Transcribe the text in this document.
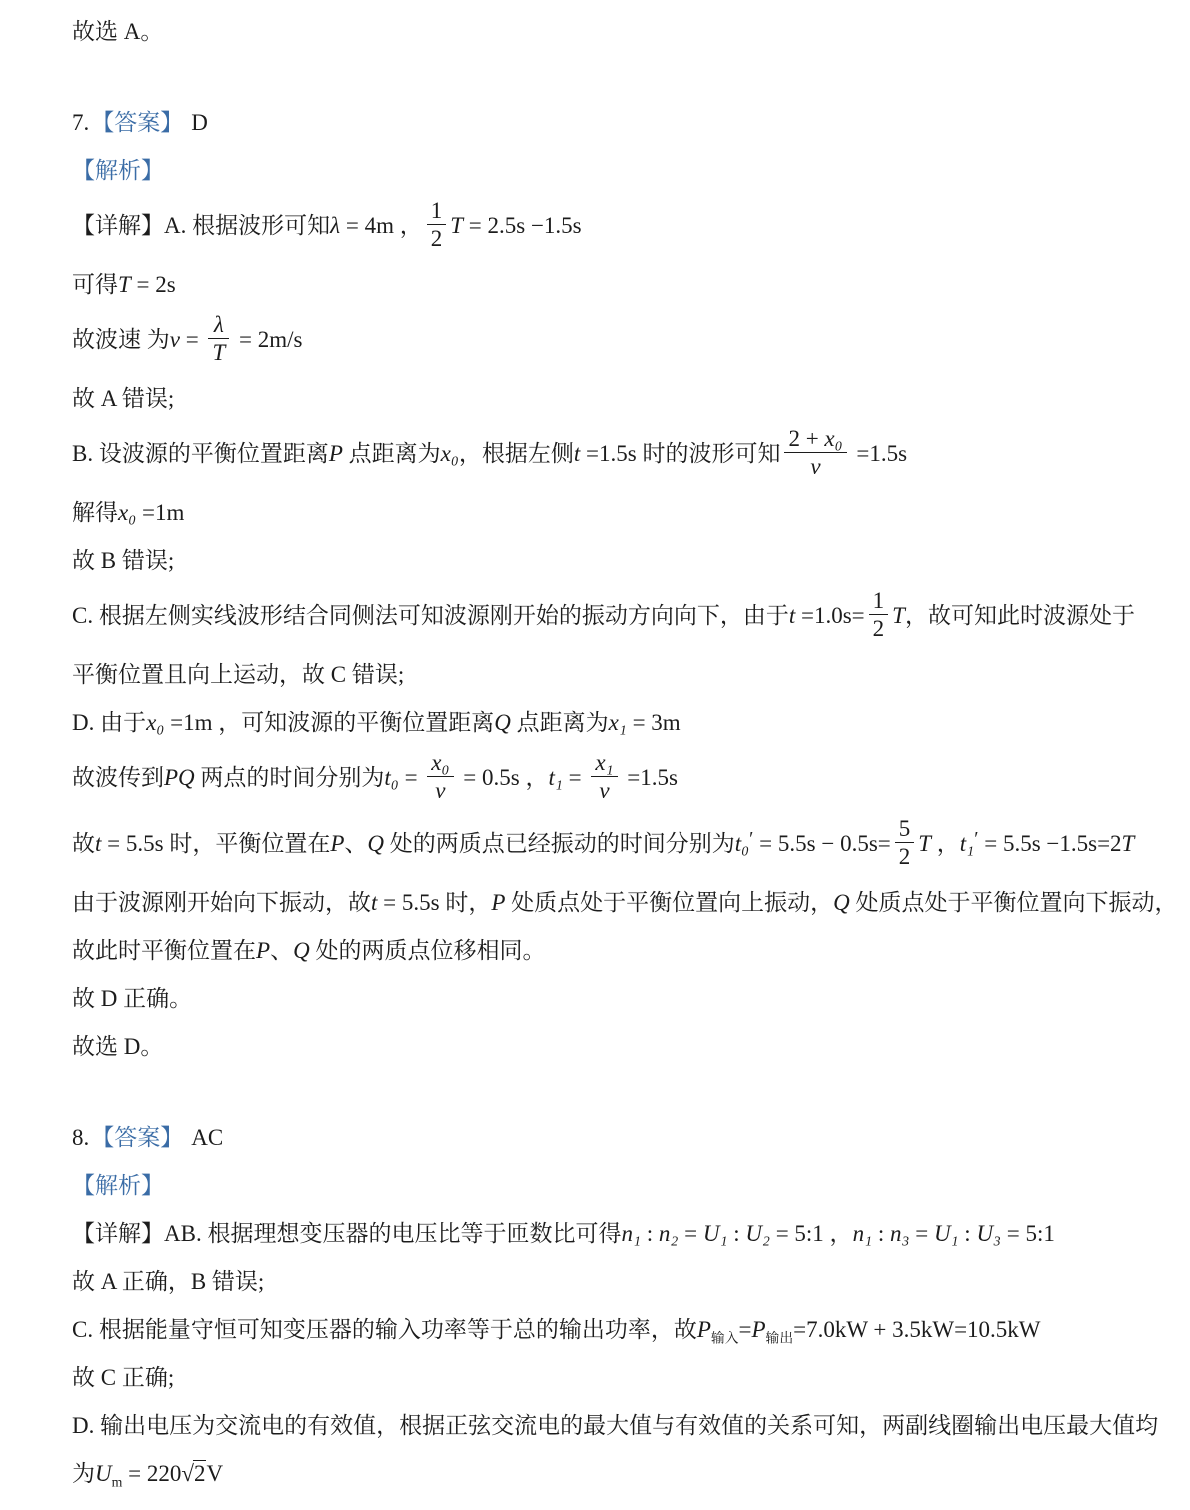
故选 A。

7.【答案】 D

【解析】

【详解】A. 根据波形可知λ = 4m ， $\frac{1}{2}$ T = 2.5s −1.5s

可得T = 2s

故波速 为$v = \frac{\lambda}{T} = 2m/s$

故 A 错误;

B. 设波源的平衡位置距离P 点距离为x₀，根据左侧t =1.5s 时的波形可知 $\frac{\text{2 + x₀}}{v} =1.5s$

解得x₀ =1m

故 B 错误;

C. 根据左侧实线波形结合同侧法可知波源刚开始的振动方向向下，由于$t =1.0s= \frac{1}{2}$ T，故可知此时波源处于

平衡位置且向上运动，故 C 错误;

D. 由于x₀ =1m ，可知波源的平衡位置距离Q 点距离为x₁ = 3m

故波传到PQ 两点的时间分别为$t_0 = \frac{\text{x₀}}{v} = 0.5s$ ，$t_1 = \frac{\text{x₁}}{v} =1.5s$

故t = 5.5s 时，平衡位置在P、Q 处的两质点已经振动的时间分别为$t_0' = 5.5s - 0.5s= \frac{5}{2}$ T ，t₁′ = 5.5s −1.5s=2T

由于波源刚开始向下振动，故t = 5.5s 时，P 处质点处于平衡位置向上振动，Q 处质点处于平衡位置向下振动，

故此时平衡位置在P、Q 处的两质点位移相同。

故 D 正确。

故选 D。

8.【答案】 AC

【解析】

【详解】AB. 根据理想变压器的电压比等于匝数比可得n₁ : n₂ = U₁ : U₂ = 5:1 ，n₁ : n₃ = U₁ : U₃ = 5:1

故 A 正确，B 错误;

C. 根据能量守恒可知变压器的输入功率等于总的输出功率，故$P_{输入}=P_{输出}=7.0kW + 3.5kW=10.5kW$

故 C 正确;

D. 输出电压为交流电的有效值，根据正弦交流电的最大值与有效值的关系可知，两副线圈输出电压最大值均

为$U_m = 220√2V$
